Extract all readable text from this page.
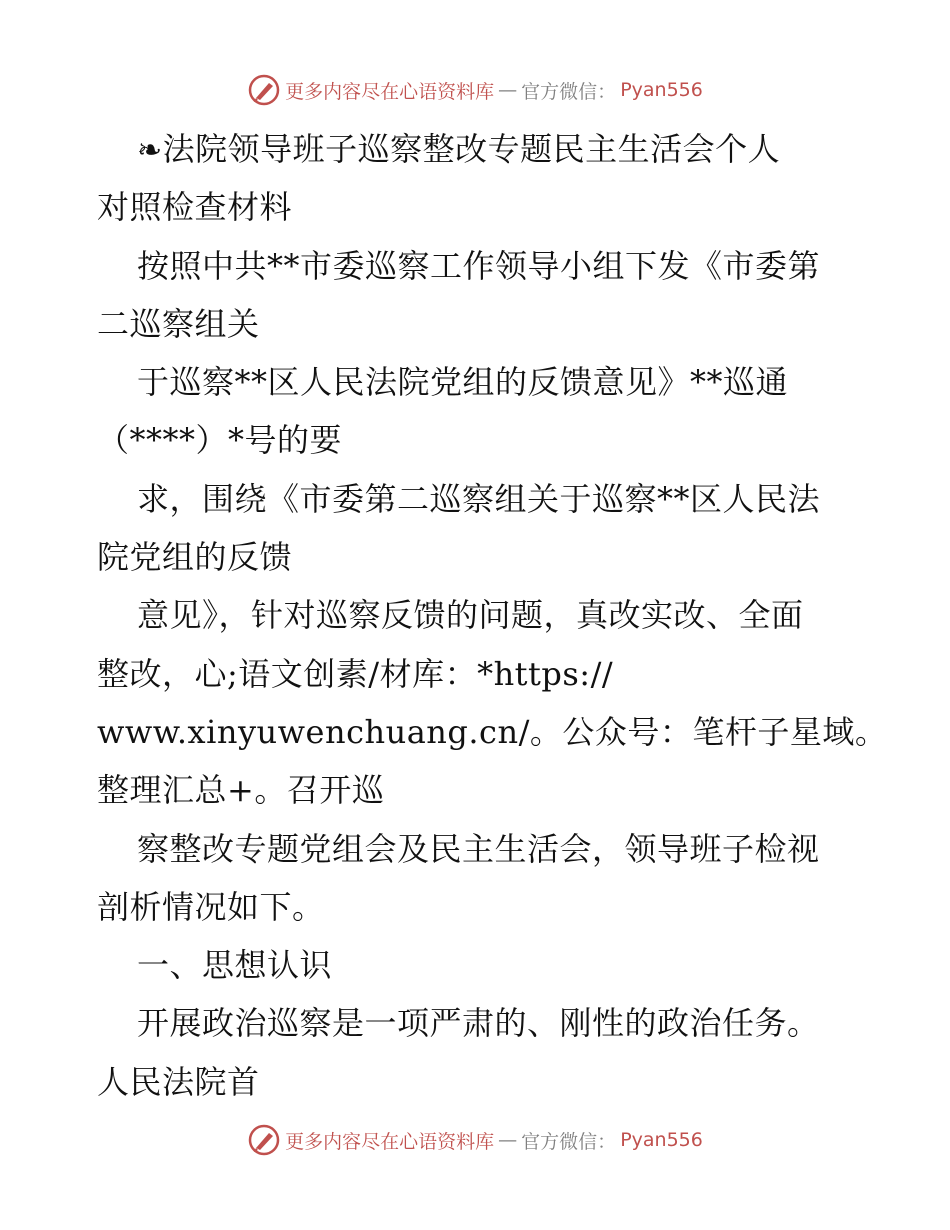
更多内容尽在心语资料库 — 官方微信： Pyan556
❧法院领导班子巡察整改专题民主生活会个人
对照检查材料
按照中共**市委巡察工作领导小组下发《市委第
二巡察组关
于巡察**区人民法院党组的反馈意见》**巡通
（****）*号的要
求，围绕《市委第二巡察组关于巡察**区人民法
院党组的反馈
意见》，针对巡察反馈的问题，真改实改、全面
整改，心;语文创素/材库：*https://
www.xinyuwenchuang.cn/。公众号：笔杆子星域。
整理汇总+。召开巡
察整改专题党组会及民主生活会，领导班子检视
剖析情况如下。
一、思想认识
开展政治巡察是一项严肃的、刚性的政治任务。
人民法院首
更多内容尽在心语资料库 — 官方微信： Pyan556
